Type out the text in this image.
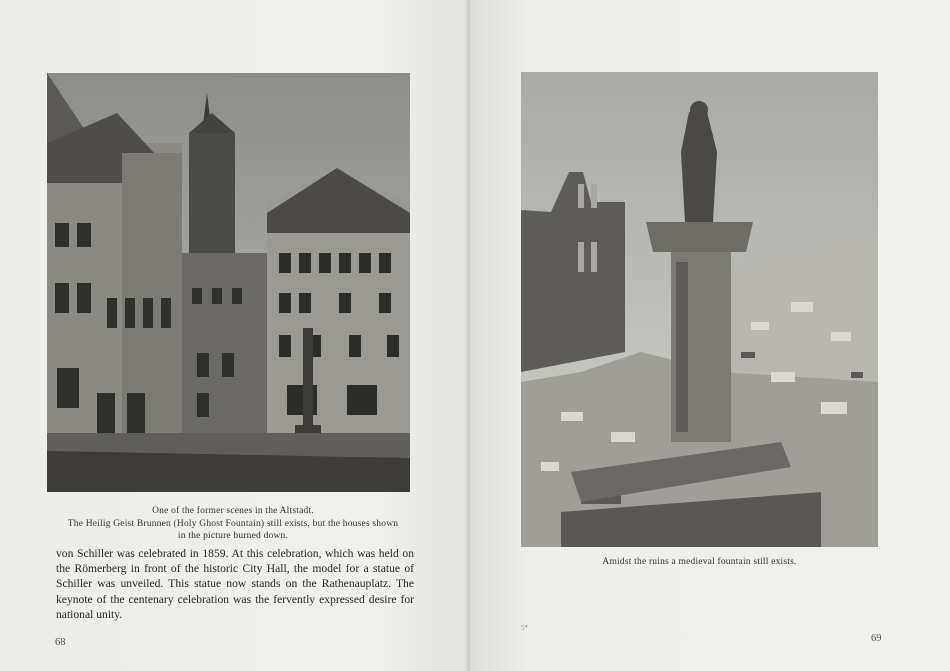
One of the former scenes in the Altstadt.
The Heilig Geist Brunnen (Holy Ghost Fountain) still exists, but the houses shown
in the picture burned down.

von Schiller was celebrated in 1859. At this celebration, which was held on the Römerberg in front of the historic City Hall, the model for a statue of Schiller was unveiled. This statue now stands on the Rathenauplatz. The keynote of the centenary celebration was the fervently expressed desire for national unity.

68
Amidst the ruins a medieval fountain still exists.
5*
69
